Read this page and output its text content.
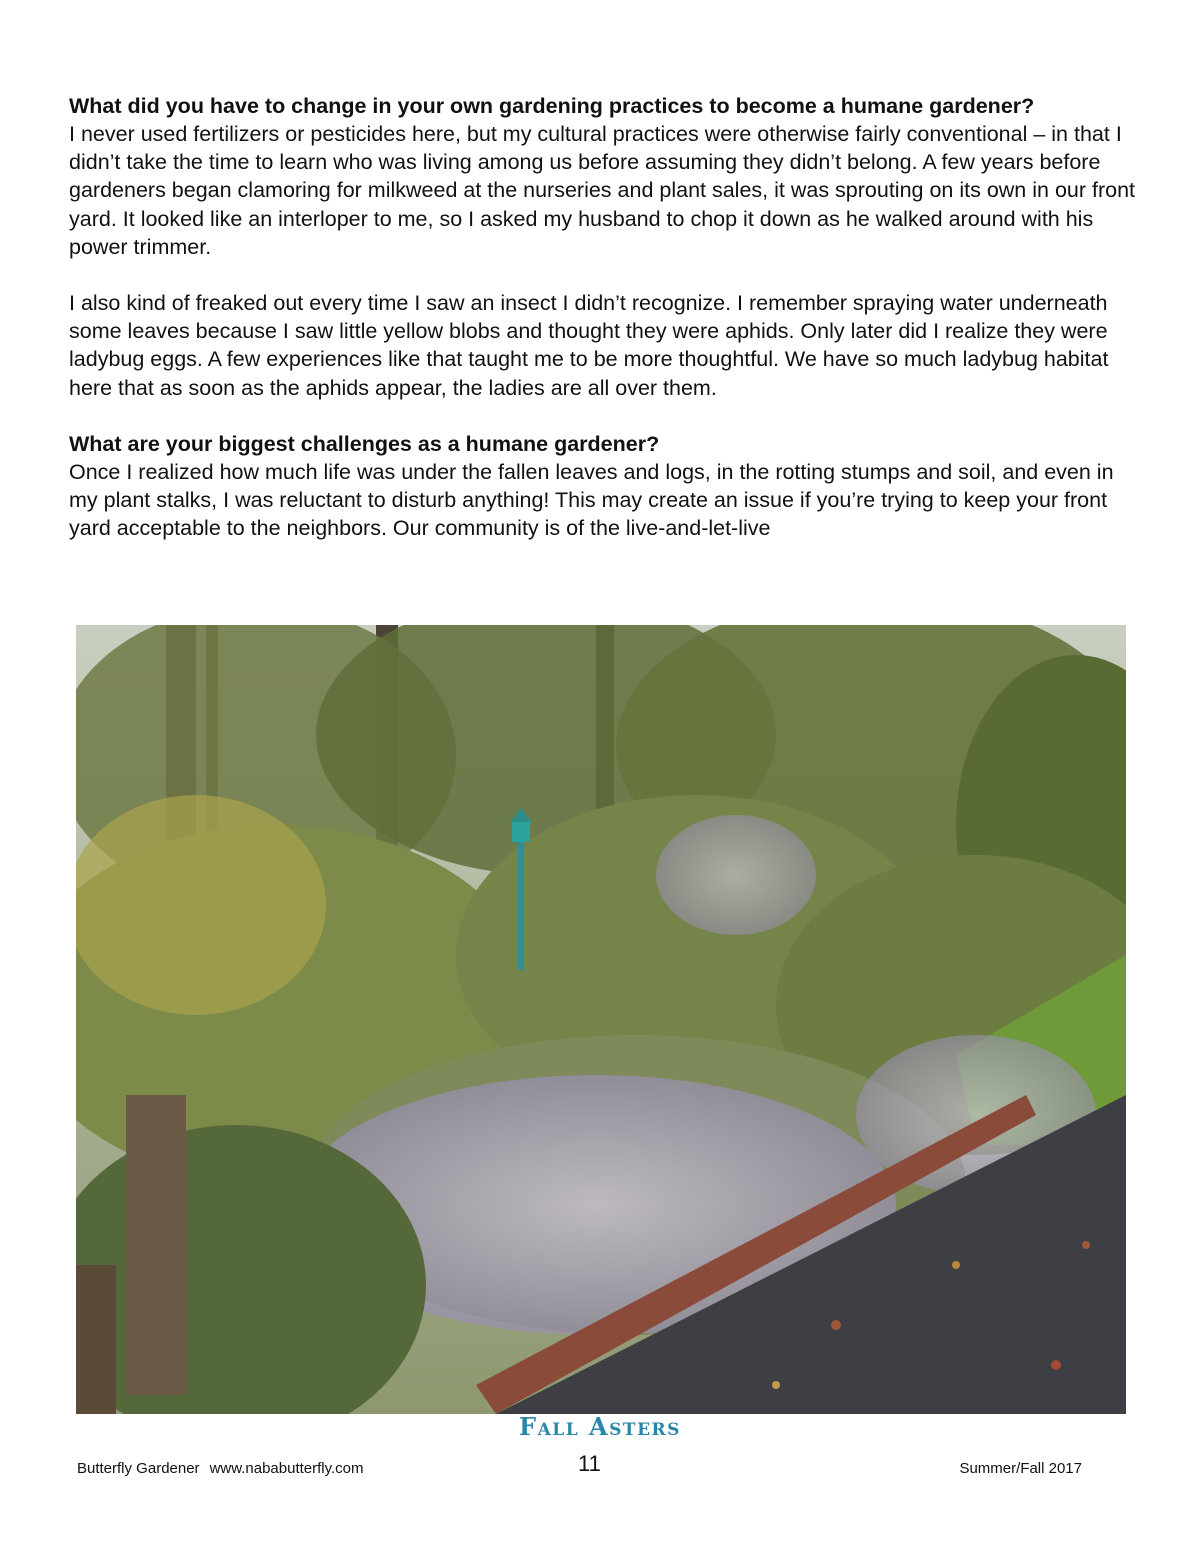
What did you have to change in your own gardening practices to become a humane gardener?

I never used fertilizers or pesticides here, but my cultural practices were otherwise fairly conventional – in that I didn’t take the time to learn who was living among us before assuming they didn’t belong. A few years before gardeners began clamoring for milkweed at the nurseries and plant sales, it was sprouting on its own in our front yard. It looked like an interloper to me, so I asked my husband to chop it down as he walked around with his power trimmer.

I also kind of freaked out every time I saw an insect I didn’t recognize. I remember spraying water underneath some leaves because I saw little yellow blobs and thought they were aphids. Only later did I realize they were ladybug eggs. A few experiences like that taught me to be more thoughtful. We have so much ladybug habitat here that as soon as the aphids appear, the ladies are all over them.

What are your biggest challenges as a humane gardener?

Once I realized how much life was under the fallen leaves and logs, in the rotting stumps and soil, and even in my plant stalks, I was reluctant to disturb anything! This may create an issue if you’re trying to keep your front yard acceptable to the neighbors. Our community is of the live-and-let-live

Fall Asters
Butterfly Gardener www.nababutterfly.com	11	Summer/Fall 2017
